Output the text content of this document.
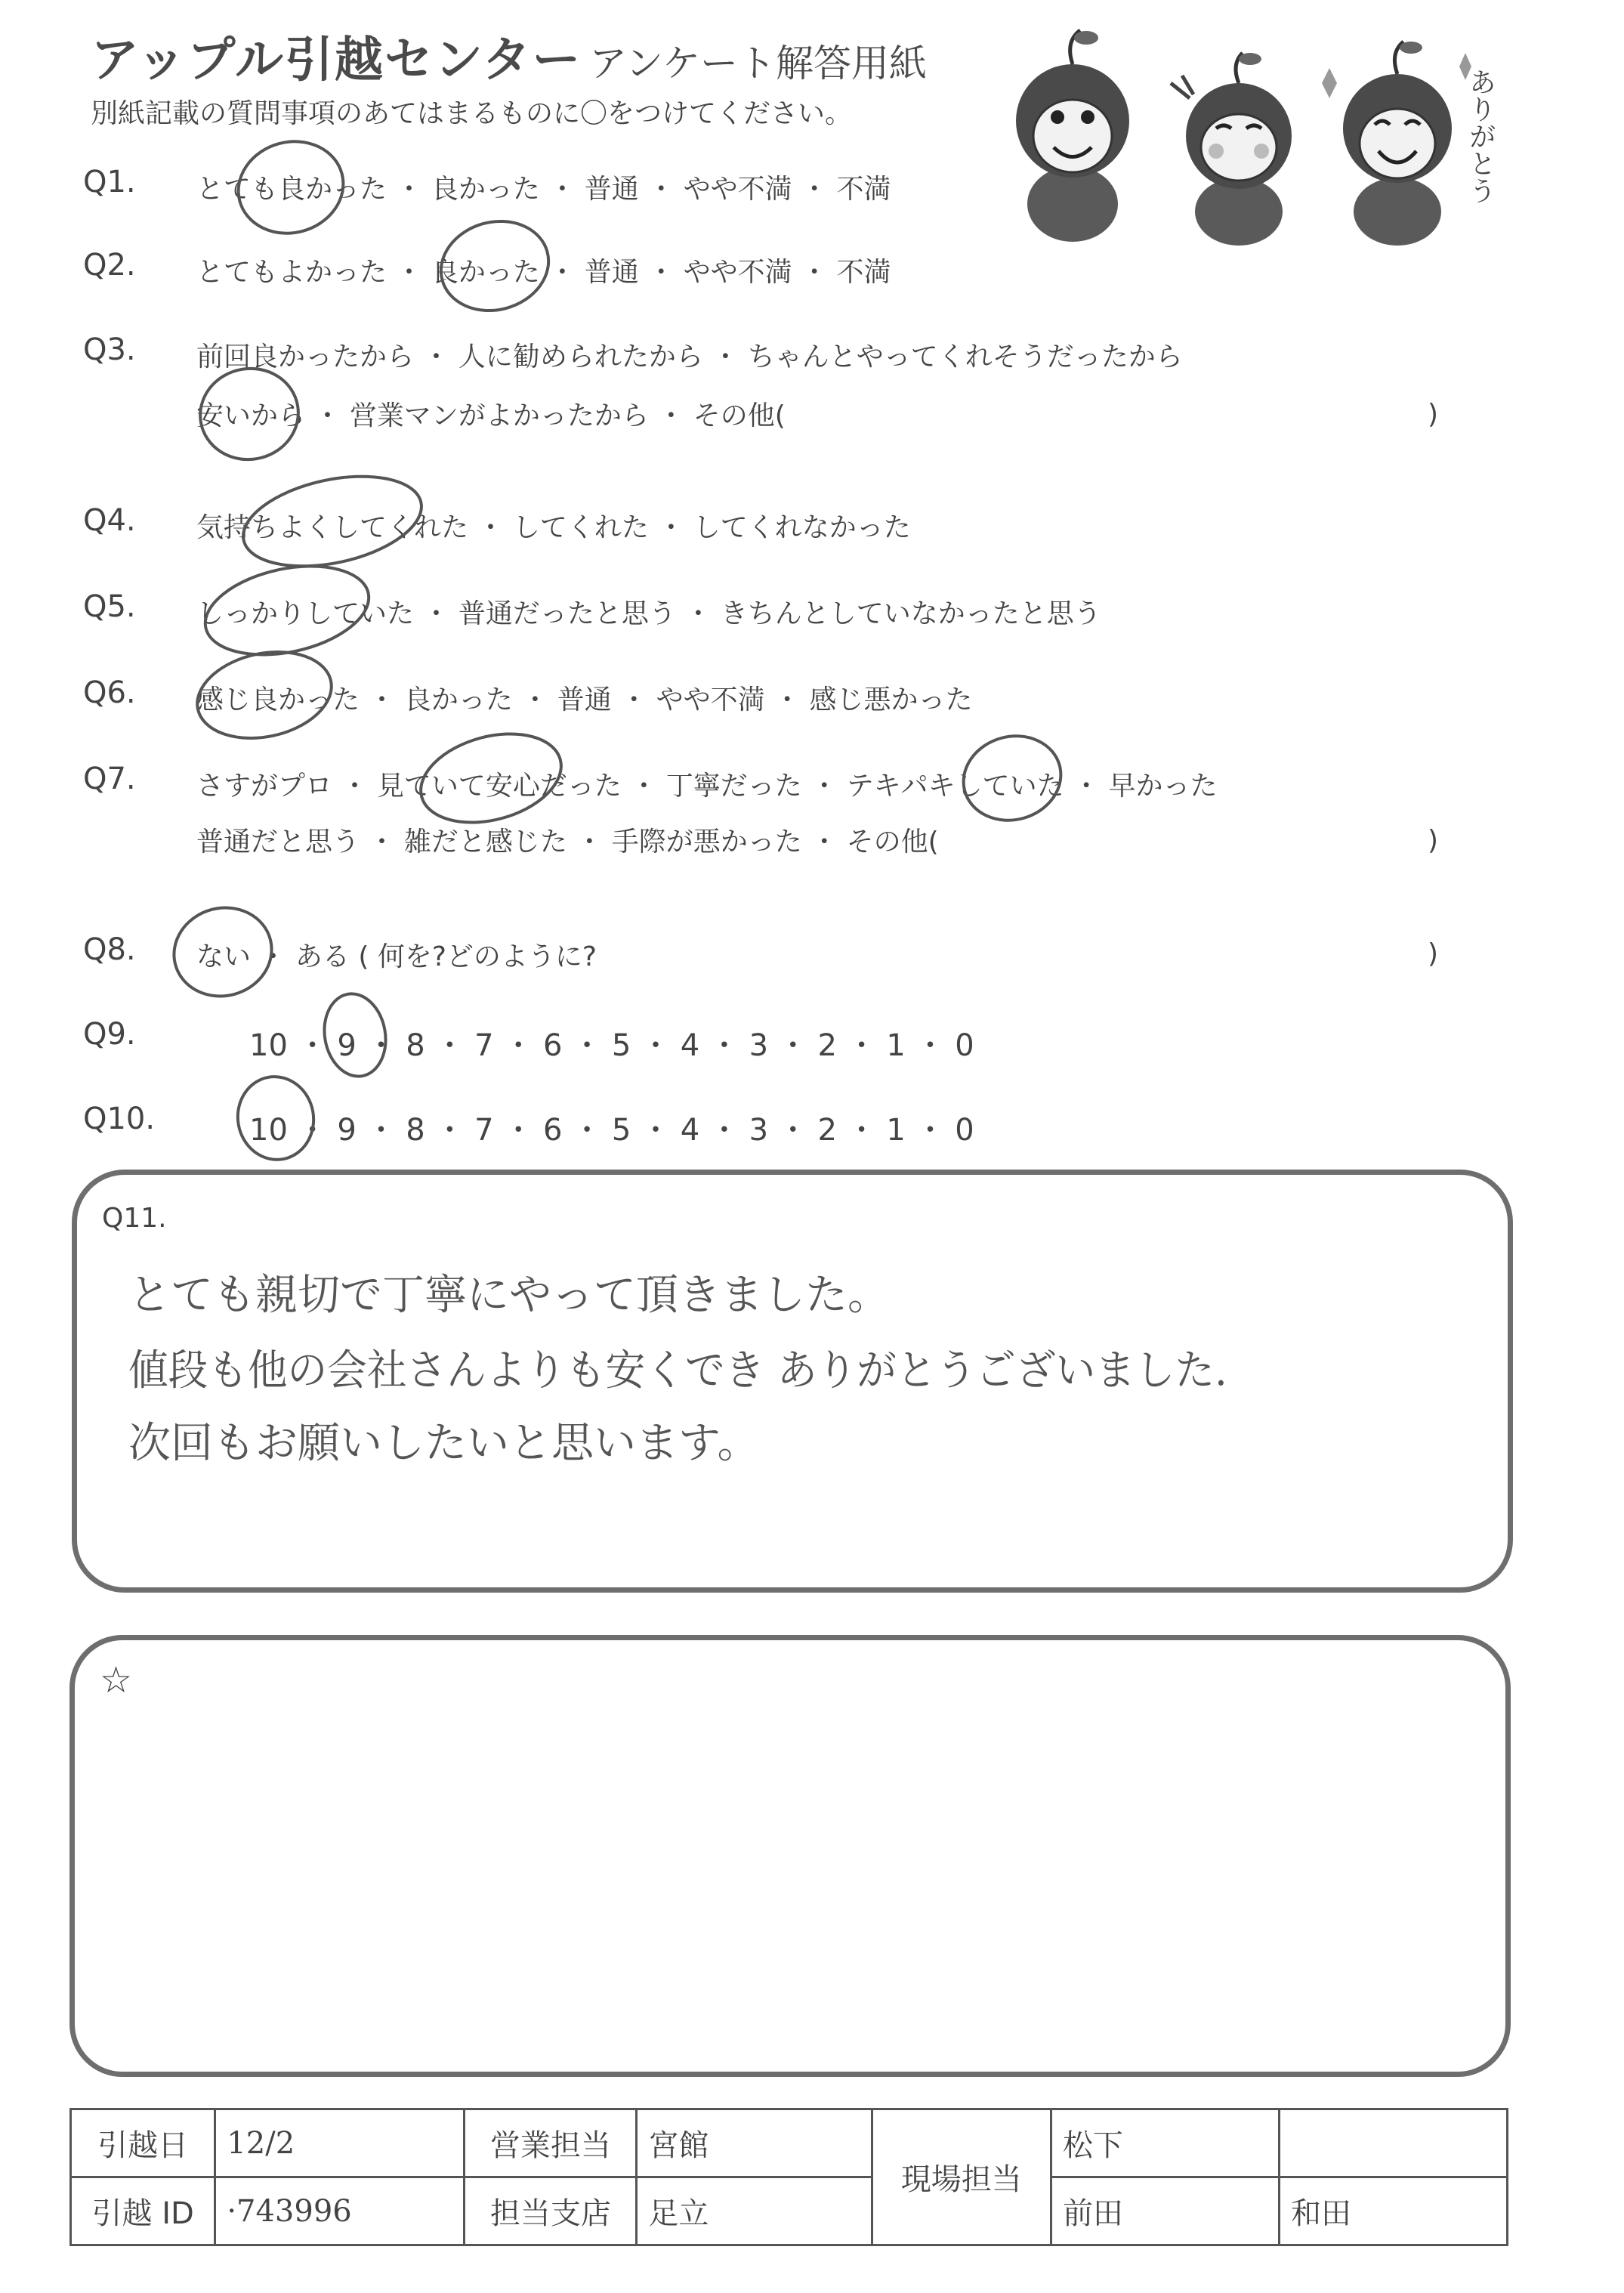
アップル引越センター アンケート解答用紙
別紙記載の質問事項のあてはまるものに〇をつけてください。	ありがとう
Q1. とても良かった ・ 良かった ・ 普通 ・ やや不満 ・ 不満
Q2. とてもよかった ・ 良かった ・ 普通 ・ やや不満 ・ 不満
Q3. 前回良かったから ・ 人に勧められたから ・ ちゃんとやってくれそうだったから
安いから ・ 営業マンがよかったから ・ その他(	)
Q4. 気持ちよくしてくれた ・ してくれた ・ してくれなかった
Q5. しっかりしていた ・ 普通だったと思う ・ きちんとしていなかったと思う
Q6. 感じ良かった ・ 良かった ・ 普通 ・ やや不満 ・ 感じ悪かった
Q7. さすがプロ ・ 見ていて安心だった ・ 丁寧だった ・ テキパキしていた ・ 早かった
普通だと思う ・ 雑だと感じた ・ 手際が悪かった ・ その他(	)
Q8. ない ・ ある ( 何を?どのように?	)
Q9.	10 ・ 9 ・ 8 ・ 7 ・ 6 ・ 5 ・ 4 ・ 3 ・ 2 ・ 1 ・ 0
Q10.	10 ・ 9 ・ 8 ・ 7 ・ 6 ・ 5 ・ 4 ・ 3 ・ 2 ・ 1 ・ 0
Q11.
とても親切で丁寧にやって頂きました。
値段も他の会社さんよりも安くでき ありがとうございました.
次回もお願いしたいと思います。
☆
引越日	12/2	営業担当	宮館	現場担当	松下	
引越 ID	·743996	担当支店	足立		前田	和田
